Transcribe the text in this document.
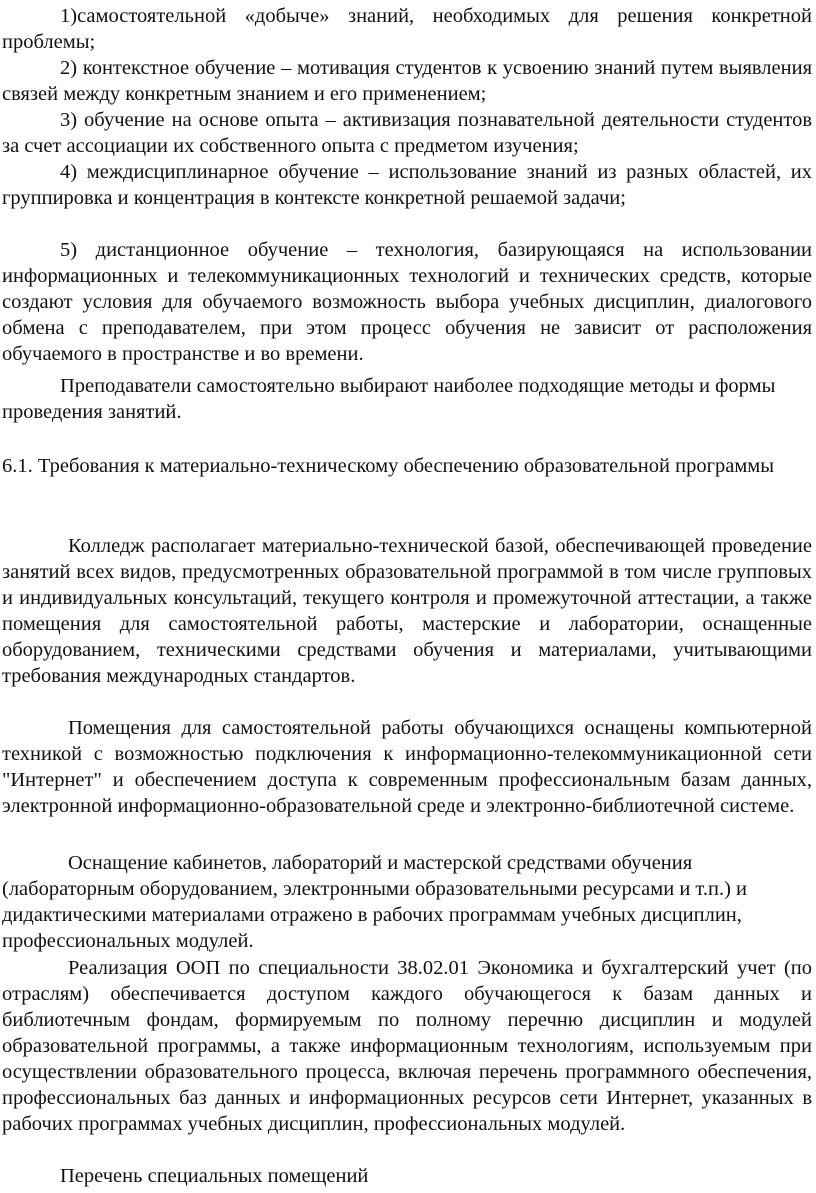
1)самостоятельной «добыче» знаний, необходимых для решения конкретной проблемы;

2) контекстное обучение – мотивация студентов к усвоению знаний путем выявления связей между конкретным знанием и его применением;

3) обучение на основе опыта – активизация познавательной деятельности студентов за счет ассоциации их собственного опыта с предметом изучения;

4) междисциплинарное обучение – использование знаний из разных областей, их группировка и концентрация в контексте конкретной решаемой задачи;

5) дистанционное обучение – технология, базирующаяся на использовании информационных и телекоммуникационных технологий и технических средств, которые создают условия для обучаемого возможность выбора учебных дисциплин, диалогового обмена с преподавателем, при этом процесс обучения не зависит от расположения обучаемого в пространстве и во времени.

Преподаватели самостоятельно выбирают наиболее подходящие методы и формы проведения занятий.

6.1. Требования к материально-техническому обеспечению образовательной программы

Колледж располагает материально-технической базой, обеспечивающей проведение занятий всех видов, предусмотренных образовательной программой в том числе групповых и индивидуальных консультаций, текущего контроля и промежуточной аттестации, а также помещения для самостоятельной работы, мастерские и лаборатории, оснащенные оборудованием, техническими средствами обучения и материалами, учитывающими требования международных стандартов.

Помещения для самостоятельной работы обучающихся оснащены компьютерной техникой с возможностью подключения к информационно-телекоммуникационной сети "Интернет" и обеспечением доступа к современным профессиональным базам данных, электронной информационно-образовательной среде и электронно-библиотечной системе.

Оснащение кабинетов, лабораторий и мастерской средствами обучения (лабораторным оборудованием, электронными образовательными ресурсами и т.п.) и дидактическими материалами отражено в рабочих программам учебных дисциплин, профессиональных модулей.

Реализация ООП по специальности 38.02.01 Экономика и бухгалтерский учет (по отраслям) обеспечивается доступом каждого обучающегося к базам данных и библиотечным фондам, формируемым по полному перечню дисциплин и модулей образовательной программы, а также информационным технологиям, используемым при осуществлении образовательного процесса, включая перечень программного обеспечения, профессиональных баз данных и информационных ресурсов сети Интернет, указанных в рабочих программах учебных дисциплин, профессиональных модулей.

Перечень специальных помещений
